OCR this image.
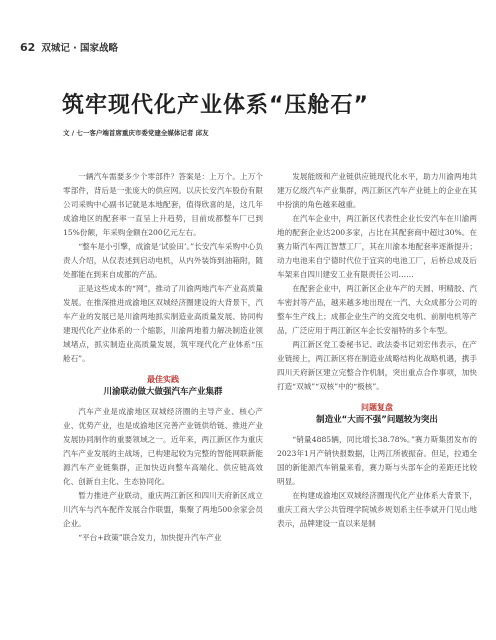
62 双城记 · 国家战略
筑牢现代化产业体系“压舱石”
文 / 七一客户端首席重庆市委党建全媒体记者 邱友

一辆汽车需要多少个零部件？答案是：上万个。上万个零部件，背后是一张庞大的供应网。以庆长安汽车股份有限公司采购中心副书记就是本地配套，值得欣喜的是，这几年成渝地区的配套率一直呈上升趋势，目前成都整车厂已到15%份额，年采购金额在200亿元左右。

“整车是小引擎，成渝是‘试验田’。”长安汽车采购中心负责人介绍，从仅表述到启动电机，从内外装饰到油箱附，随处都能在到来自成都的产品。

正是这些成本的“网”，推动了川渝两地汽车产业高质量发展。在推深推进成渝地区双城经济圈建设的大背景下，汽车产业的发展已是川渝两地抓实制造业高质量发展、协同构建现代化产业体系的一个缩影，川渝两地着力解决制造业领域堵点，抓实制造业高质量发展，筑牢现代化产业体系“压舱石”。

最佳实践
川渝联动做大做强汽车产业集群

汽车产业是成渝地区双城经济圈的主导产业、核心产业、优势产业，也是成渝地区完善产业链供给链、推进产业发展协同制作的重要领域之一。近年来，两江新区作为重庆汽车产业发展的主战场，已构建起较为完整的智能网联新能源汽车产业链集群，正加快迈向整车高端化、供应链高效化、创新自主化、生态协同化。

暂力推进产业联动，重庆两江新区和四川天府新区成立川汽车与汽车配件发展合作联盟，集聚了两地500余家会员企业。

“平台+政策”联合发力，加快提升汽车产业

发展能级和产业链供应链现代化水平，助力川渝两地共建万亿级汽车产业集群，两江新区汽车产业链上的企业在其中扮演的角色越来越重。

在汽车企业中，两江新区代表性企业长安汽车在川渝两地的配套企业达200多家，占比在其配套商中超过30%。在赛力斯汽车两江智慧工厂，其在川渝本地配套率逐渐提升；动力电池来自宁德时代位于宜宾的电池工厂，后桥总成及后车架来自四川建安工业有限责任公司……

在配套企业中，两江新区企业车产的天圆、明精胶、汽车密封等产品，越来越多地出现在一汽、大众成都分公司的整车生产线上；成都企业生产的交流交电机、前制电机等产品，广泛应用于两江新区车企长安福特的多个车型。

两江新区党工委秘书记、政法委书记刘宏伟表示，在产业链接上，两江新区将在制造业战略结构化战略机遇，携手四川天府新区建立完整合作机制，突出重点合作事项，加快打造“双城”“双核”中的“极核”。

问题复盘
制造业“大而不强”问题较为突出

“销量4885辆，同比增长38.78%。”赛力斯集团发布的2023年1月产销快报数据，让两江所被振奋。但足，拉通全国的新能源汽车销量来看，赛力斯与头部车企的差距还比较明显。

在构建成渝地区双城经济圈现代化产业体系大背景下，重庆工商大学公共管理学院城乡规划系主任李斌开门见山地表示，品牌建设一直以来是制
